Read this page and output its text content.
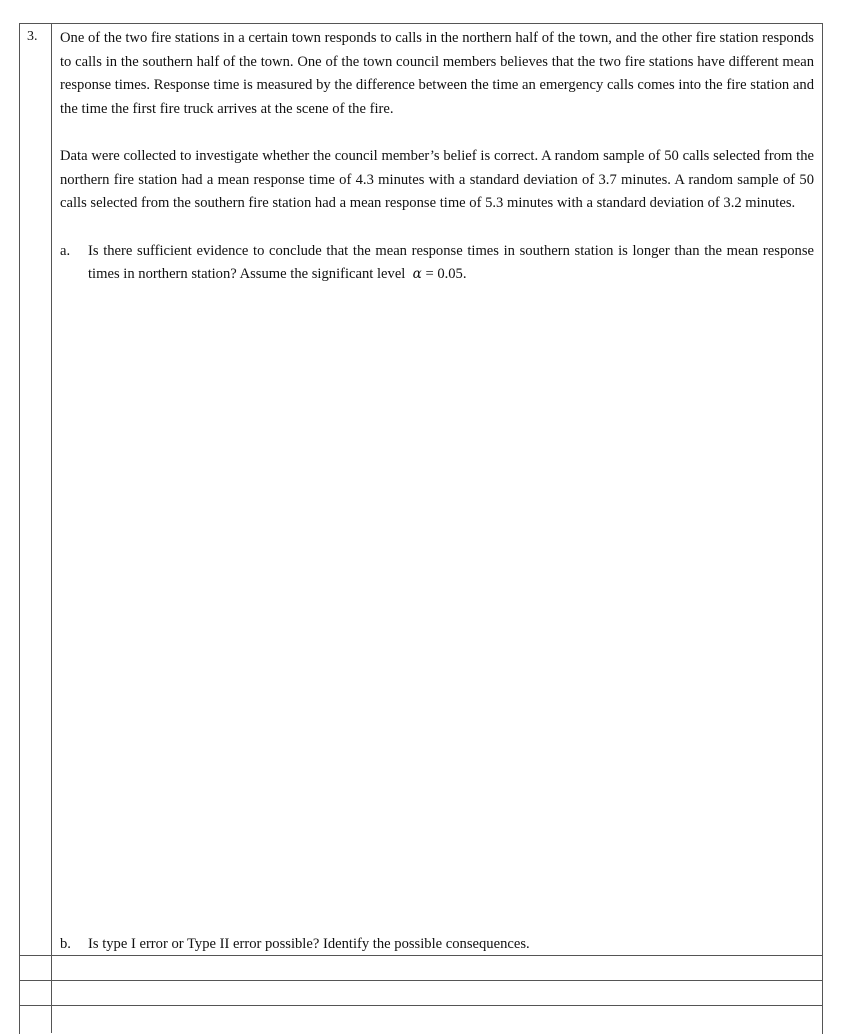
3. One of the two fire stations in a certain town responds to calls in the northern half of the town, and the other fire station responds to calls in the southern half of the town. One of the town council members believes that the two fire stations have different mean response times. Response time is measured by the difference between the time an emergency calls comes into the fire station and the time the first fire truck arrives at the scene of the fire.

Data were collected to investigate whether the council member’s belief is correct. A random sample of 50 calls selected from the northern fire station had a mean response time of 4.3 minutes with a standard deviation of 3.7 minutes. A random sample of 50 calls selected from the southern fire station had a mean response time of 5.3 minutes with a standard deviation of 3.2 minutes.

a. Is there sufficient evidence to conclude that the mean response times in southern station is longer than the mean response times in northern station? Assume the significant level α = 0.05.

b. Is type I error or Type II error possible? Identify the possible consequences.
